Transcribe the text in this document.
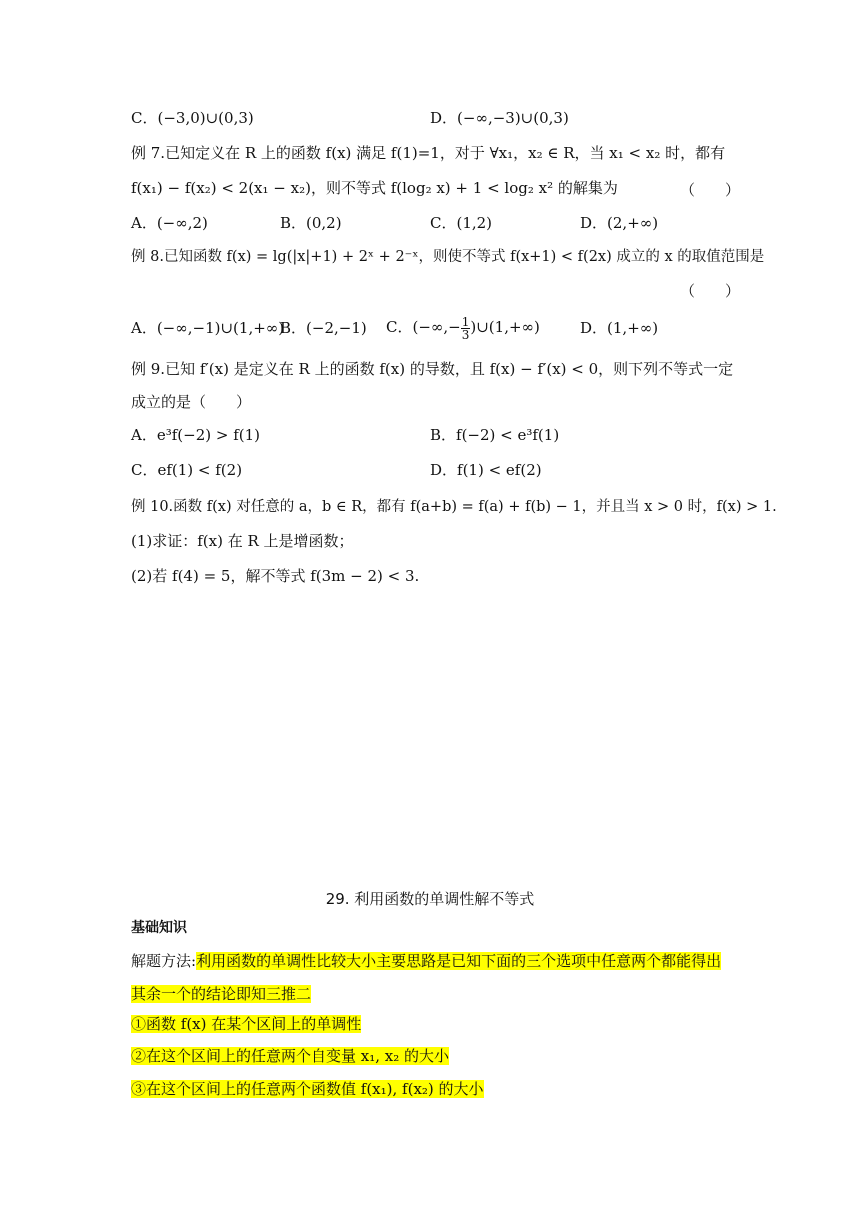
C．(−3,0)∪(0,3)	D．(−∞,−3)∪(0,3)
例 7.已知定义在 R 上的函数 f(x) 满足 f(1)=1，对于 ∀x₁，x₂ ∈ R，当 x₁ < x₂ 时，都有
f(x₁) − f(x₂) < 2(x₁ − x₂)，则不等式 f(log₂ x) + 1 < log₂ x² 的解集为	（　　）
A．(−∞,2)	B．(0,2)	C．(1,2)	D．(2,+∞)
例 8.已知函数 f(x) = lg(|x|+1) + 2ˣ + 2⁻ˣ，则使不等式 f(x+1) < f(2x) 成立的 x 的取值范围是
（　　）
A．(−∞,−1)∪(1,+∞)
B．(−2,−1) C．(−∞,− $\frac{1}{3}$ )∪(1,+∞)	D．(1,+∞)
例 9.已知 f′(x) 是定义在 R 上的函数 f(x) 的导数，且 f(x) − f′(x) < 0，则下列不等式一定
成立的是（　　）
A．e³f(−2) > f(1)	B．f(−2) < e³f(1)
C．ef(1) < f(2)	D．f(1) < ef(2)
例 10.函数 f(x) 对任意的 a，b ∈ R，都有 f(a+b) = f(a) + f(b) − 1，并且当 x > 0 时，f(x) > 1.
(1)求证：f(x) 在 R 上是增函数；
(2)若 f(4) = 5，解不等式 f(3m − 2) < 3.
29. 利用函数的单调性解不等式
基础知识
解题方法:利用函数的单调性比较大小主要思路是已知下面的三个选项中任意两个都能得出
其余一个的结论即知三推二
①函数 f(x) 在某个区间上的单调性
②在这个区间上的任意两个自变量 x₁, x₂ 的大小
③在这个区间上的任意两个函数值 f(x₁), f(x₂) 的大小
